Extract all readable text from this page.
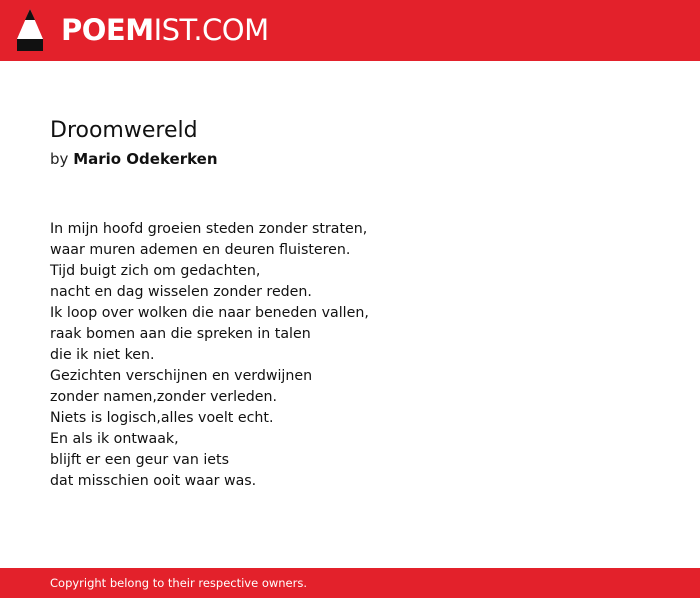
POEMIST.COM
Droomwereld
by Mario Odekerken
In mijn hoofd groeien steden zonder straten,
waar muren ademen en deuren fluisteren.
Tijd buigt zich om gedachten,
nacht en dag wisselen zonder reden.
Ik loop over wolken die naar beneden vallen,
raak bomen aan die spreken in talen
die ik niet ken.
Gezichten verschijnen en verdwijnen
zonder namen,zonder verleden.
Niets is logisch,alles voelt echt.
En als ik ontwaak,
blijft er een geur van iets
dat misschien ooit waar was.
Copyright belong to their respective owners.
